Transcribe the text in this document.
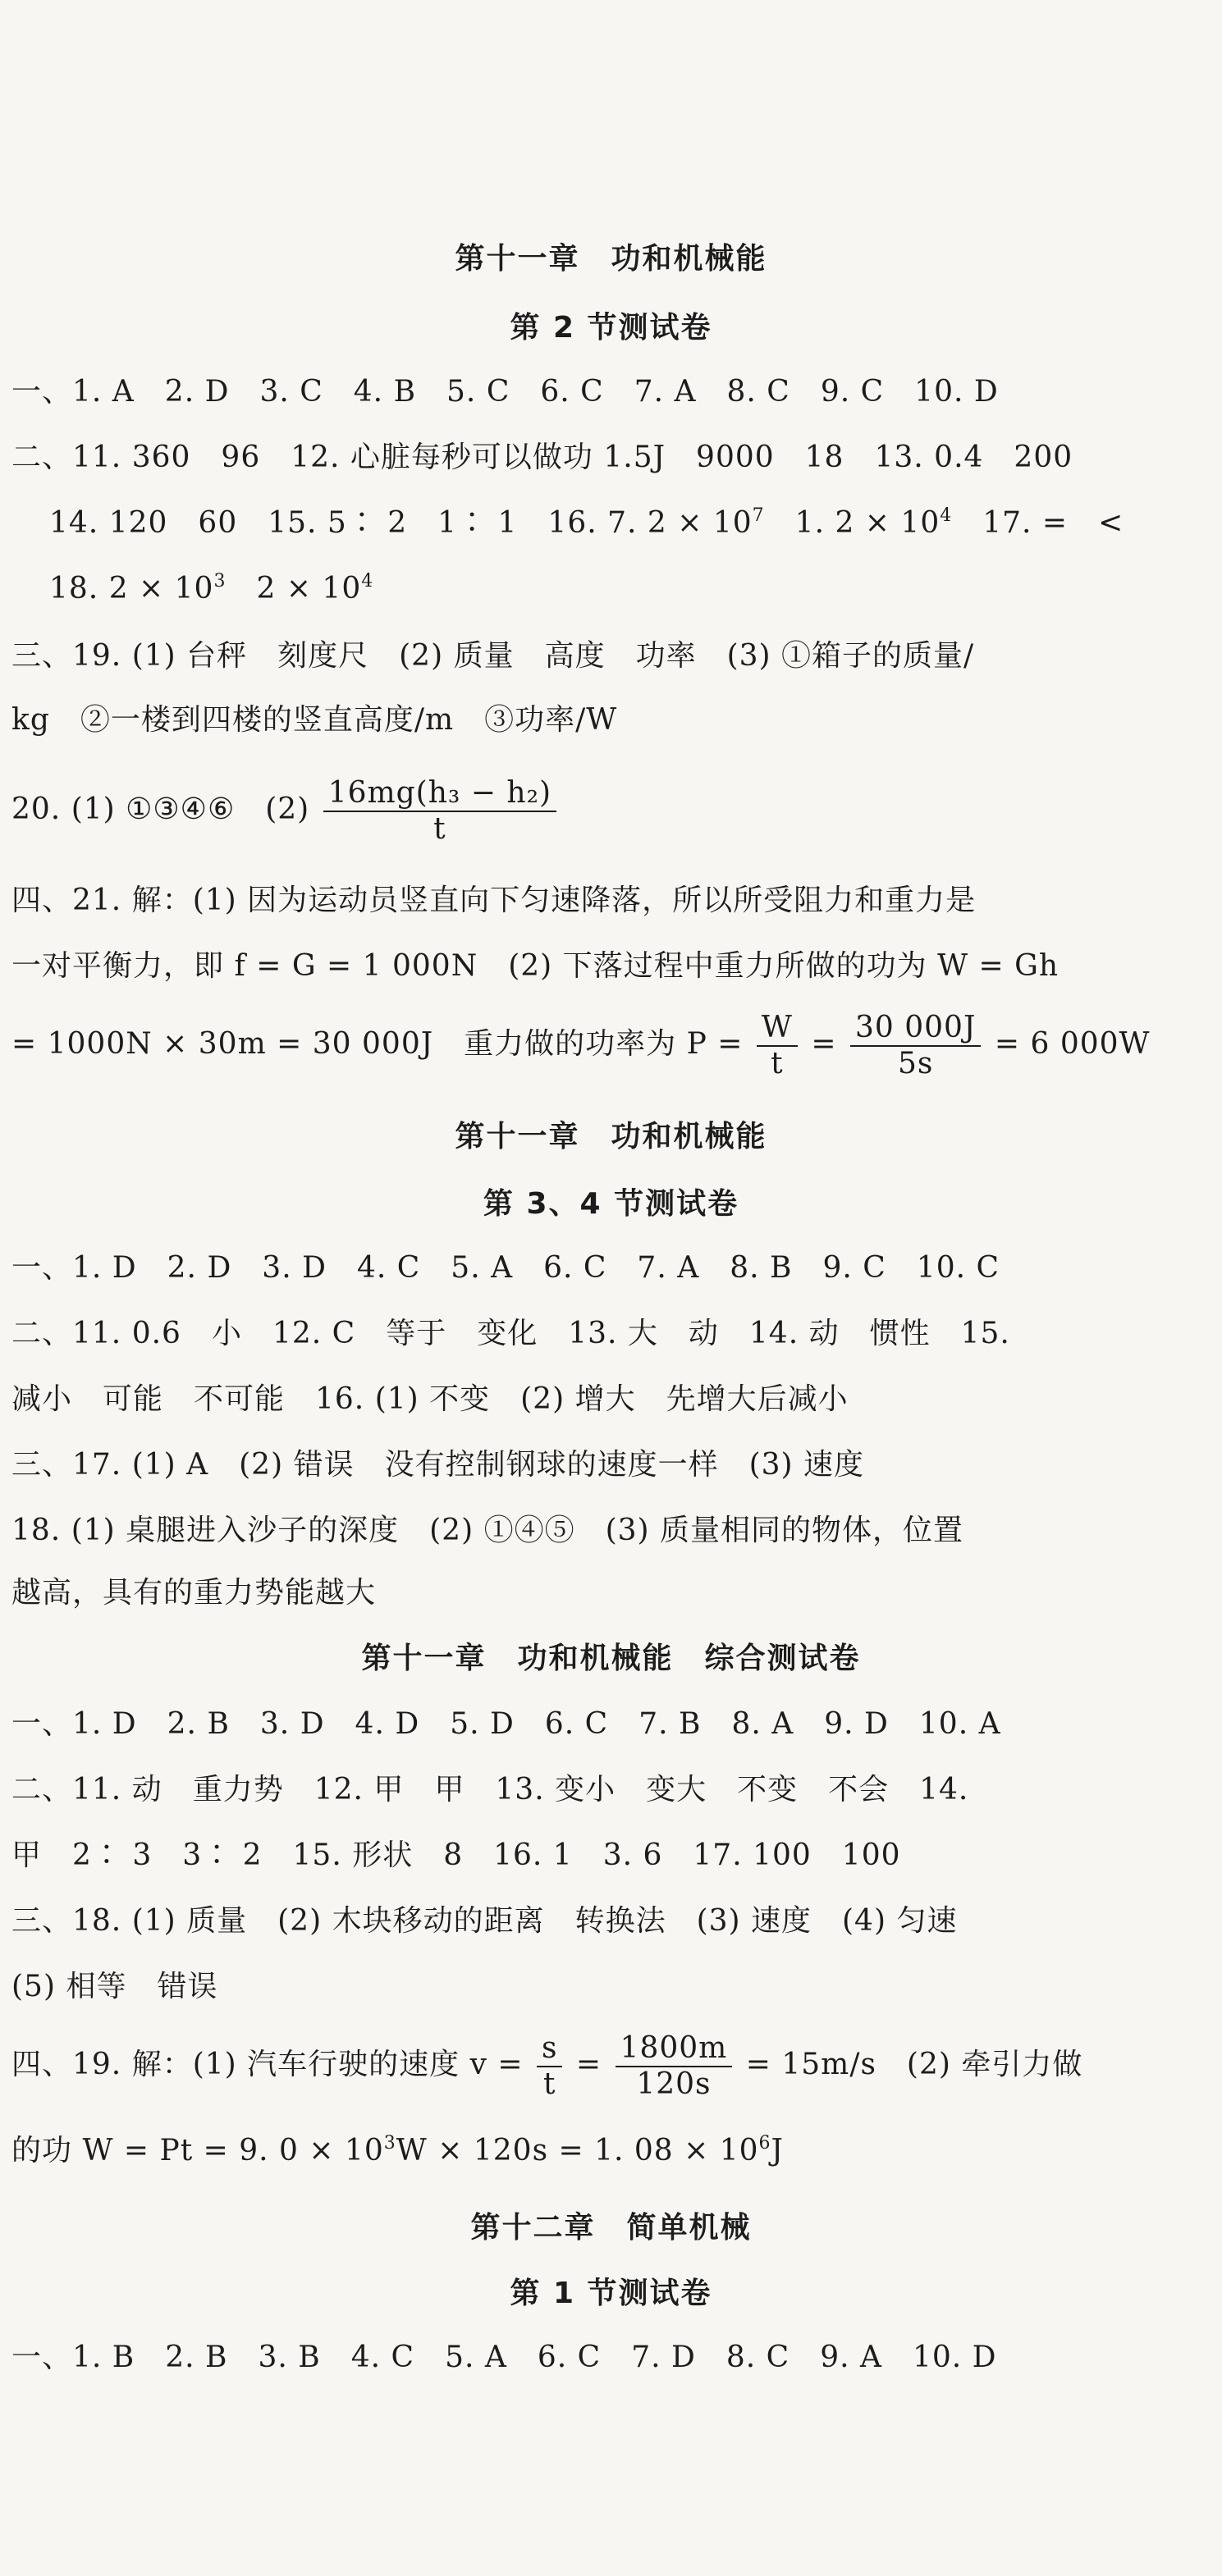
第十一章　功和机械能
第 2 节测试卷
一、1. A　2. D　3. C　4. B　5. C　6. C　7. A　8. C　9. C　10. D
二、11. 360　96　12. 心脏每秒可以做功 1.5J　9000　18　13. 0.4　200
14. 120　60　15. 5∶ 2　1∶ 1　16. 7. $2 \times 10^7$　1. $2 \times 10^4$　17. =　<
18. $2 \times 10^3$　$2 \times 10^4$
三、19. (1) 台秤　刻度尺　(2) 质量　高度　功率　(3) ①箱子的质量/
kg　②一楼到四楼的竖直高度/m　③功率/W
20. (1) ①③④⑥　$(2) \frac{\text{16mg(h₃ − h₂)}}{t}$
四、21. 解：(1) 因为运动员竖直向下匀速降落，所以所受阻力和重力是
一对平衡力，即 f = G = 1 000N　(2) 下落过程中重力所做的功为 W = Gh
= 1000N × 30m = 30 000J　重力做的功率为 $P = \frac{W}{t} = \frac{30 000J}{5s} = 6$ 000W
第十一章　功和机械能
第 3、4 节测试卷
一、1. D　2. D　3. D　4. C　5. A　6. C　7. A　8. B　9. C　10. C
二、11. 0.6　小　12. C　等于　变化　13. 大　动　14. 动　惯性　15.
减小　可能　不可能　16. (1) 不变　(2) 增大　先增大后减小
三、17. (1) A　(2) 错误　没有控制钢球的速度一样　(3) 速度
18. (1) 桌腿进入沙子的深度　(2) ①④⑤　(3) 质量相同的物体，位置
越高，具有的重力势能越大
第十一章　功和机械能　综合测试卷
一、1. D　2. B　3. D　4. D　5. D　6. C　7. B　8. A　9. D　10. A
二、11. 动　重力势　12. 甲　甲　13. 变小　变大　不变　不会　14.
甲　2∶ 3　3∶ 2　15. 形状　8　16. 1　3. 6　17. 100　100
三、18. (1) 质量　(2) 木块移动的距离　转换法　(3) 速度　(4) 匀速
(5) 相等　错误
四、19. 解：(1) 汽车行驶的速度 $v = \frac{s}{t} = \frac{1800m}{120s} = 15m/s$　(2) 牵引力做
的功 W = Pt = 9. $0 \times 10^3W \times 120s = 1$. $08 \times 10^6J$
第十二章　简单机械
第 1 节测试卷
一、1. B　2. B　3. B　4. C　5. A　6. C　7. D　8. C　9. A　10. D
